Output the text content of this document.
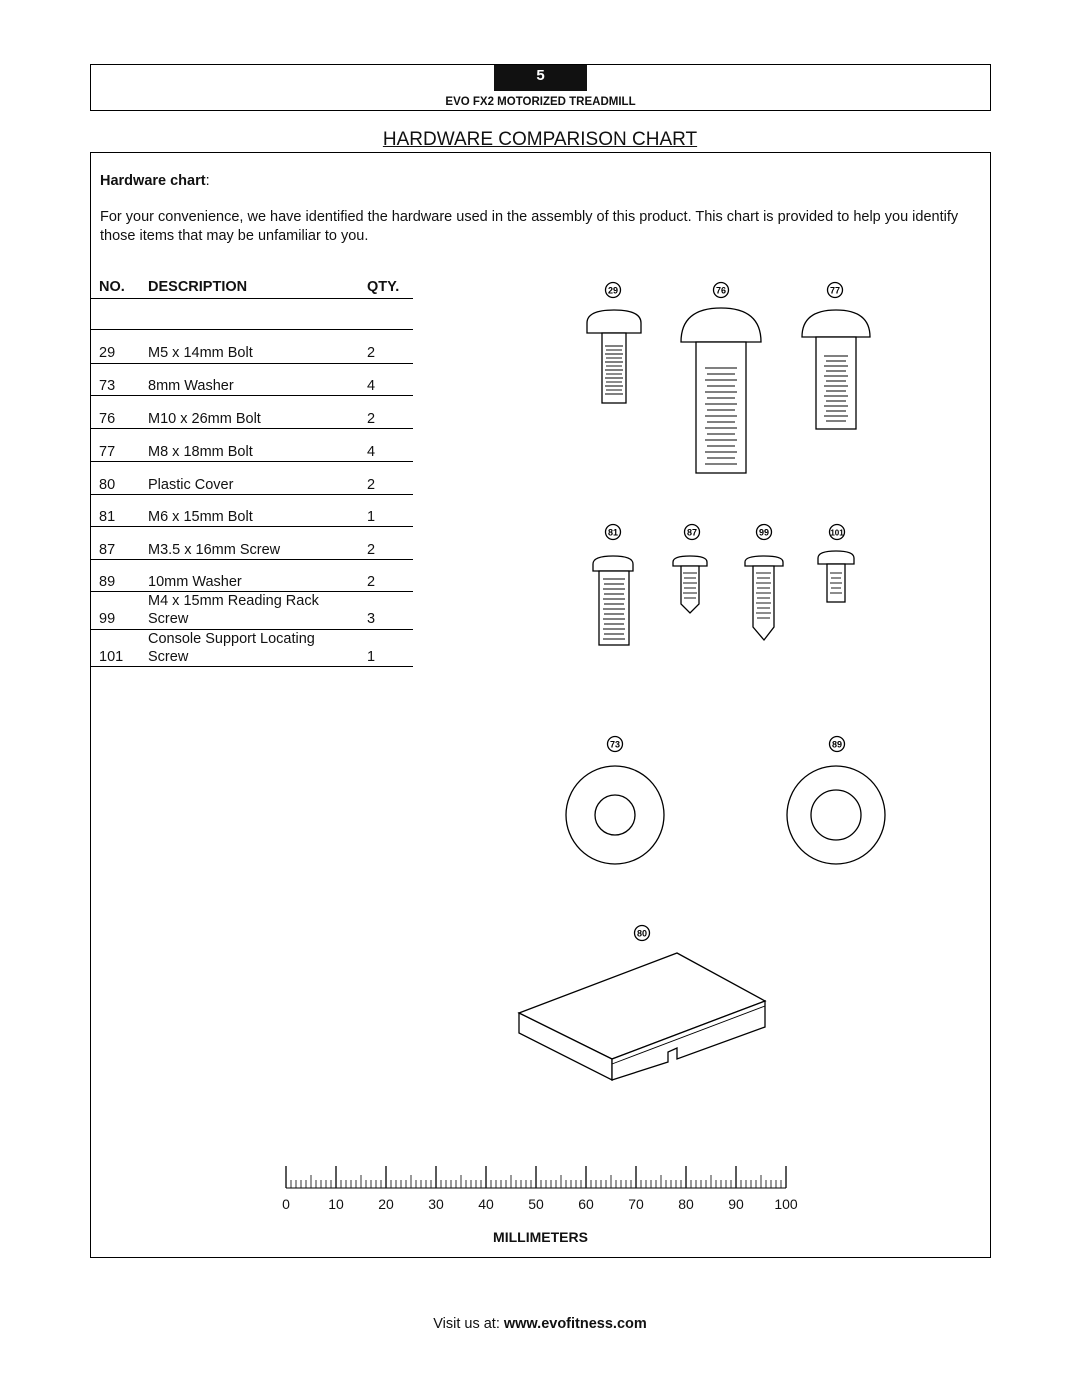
5
EVO FX2 MOTORIZED TREADMILL
HARDWARE COMPARISON CHART
Hardware chart:
For your convenience, we have identified the hardware used in the assembly of this product. This chart is provided to help you identify those items that may be unfamiliar to you.
NO. DESCRIPTION	QTY.
29 M5 x 14mm Bolt	2
73 8mm Washer	4
76 M10 x 26mm Bolt	2
77 M8 x 18mm Bolt	4
80 Plastic Cover	2
81 M6 x 15mm Bolt	1
87 M3.5 x 16mm Screw	2
89 10mm Washer	2
M4 x 15mm Reading Rack
99 Screw	3
Console Support Locating
101 Screw	1
29	76	77
81	87	99	101
73	89
80
0	10 20 30 40 50 60 70 80 90 100
MILLIMETERS
Visit us at: www.evofitness.com
